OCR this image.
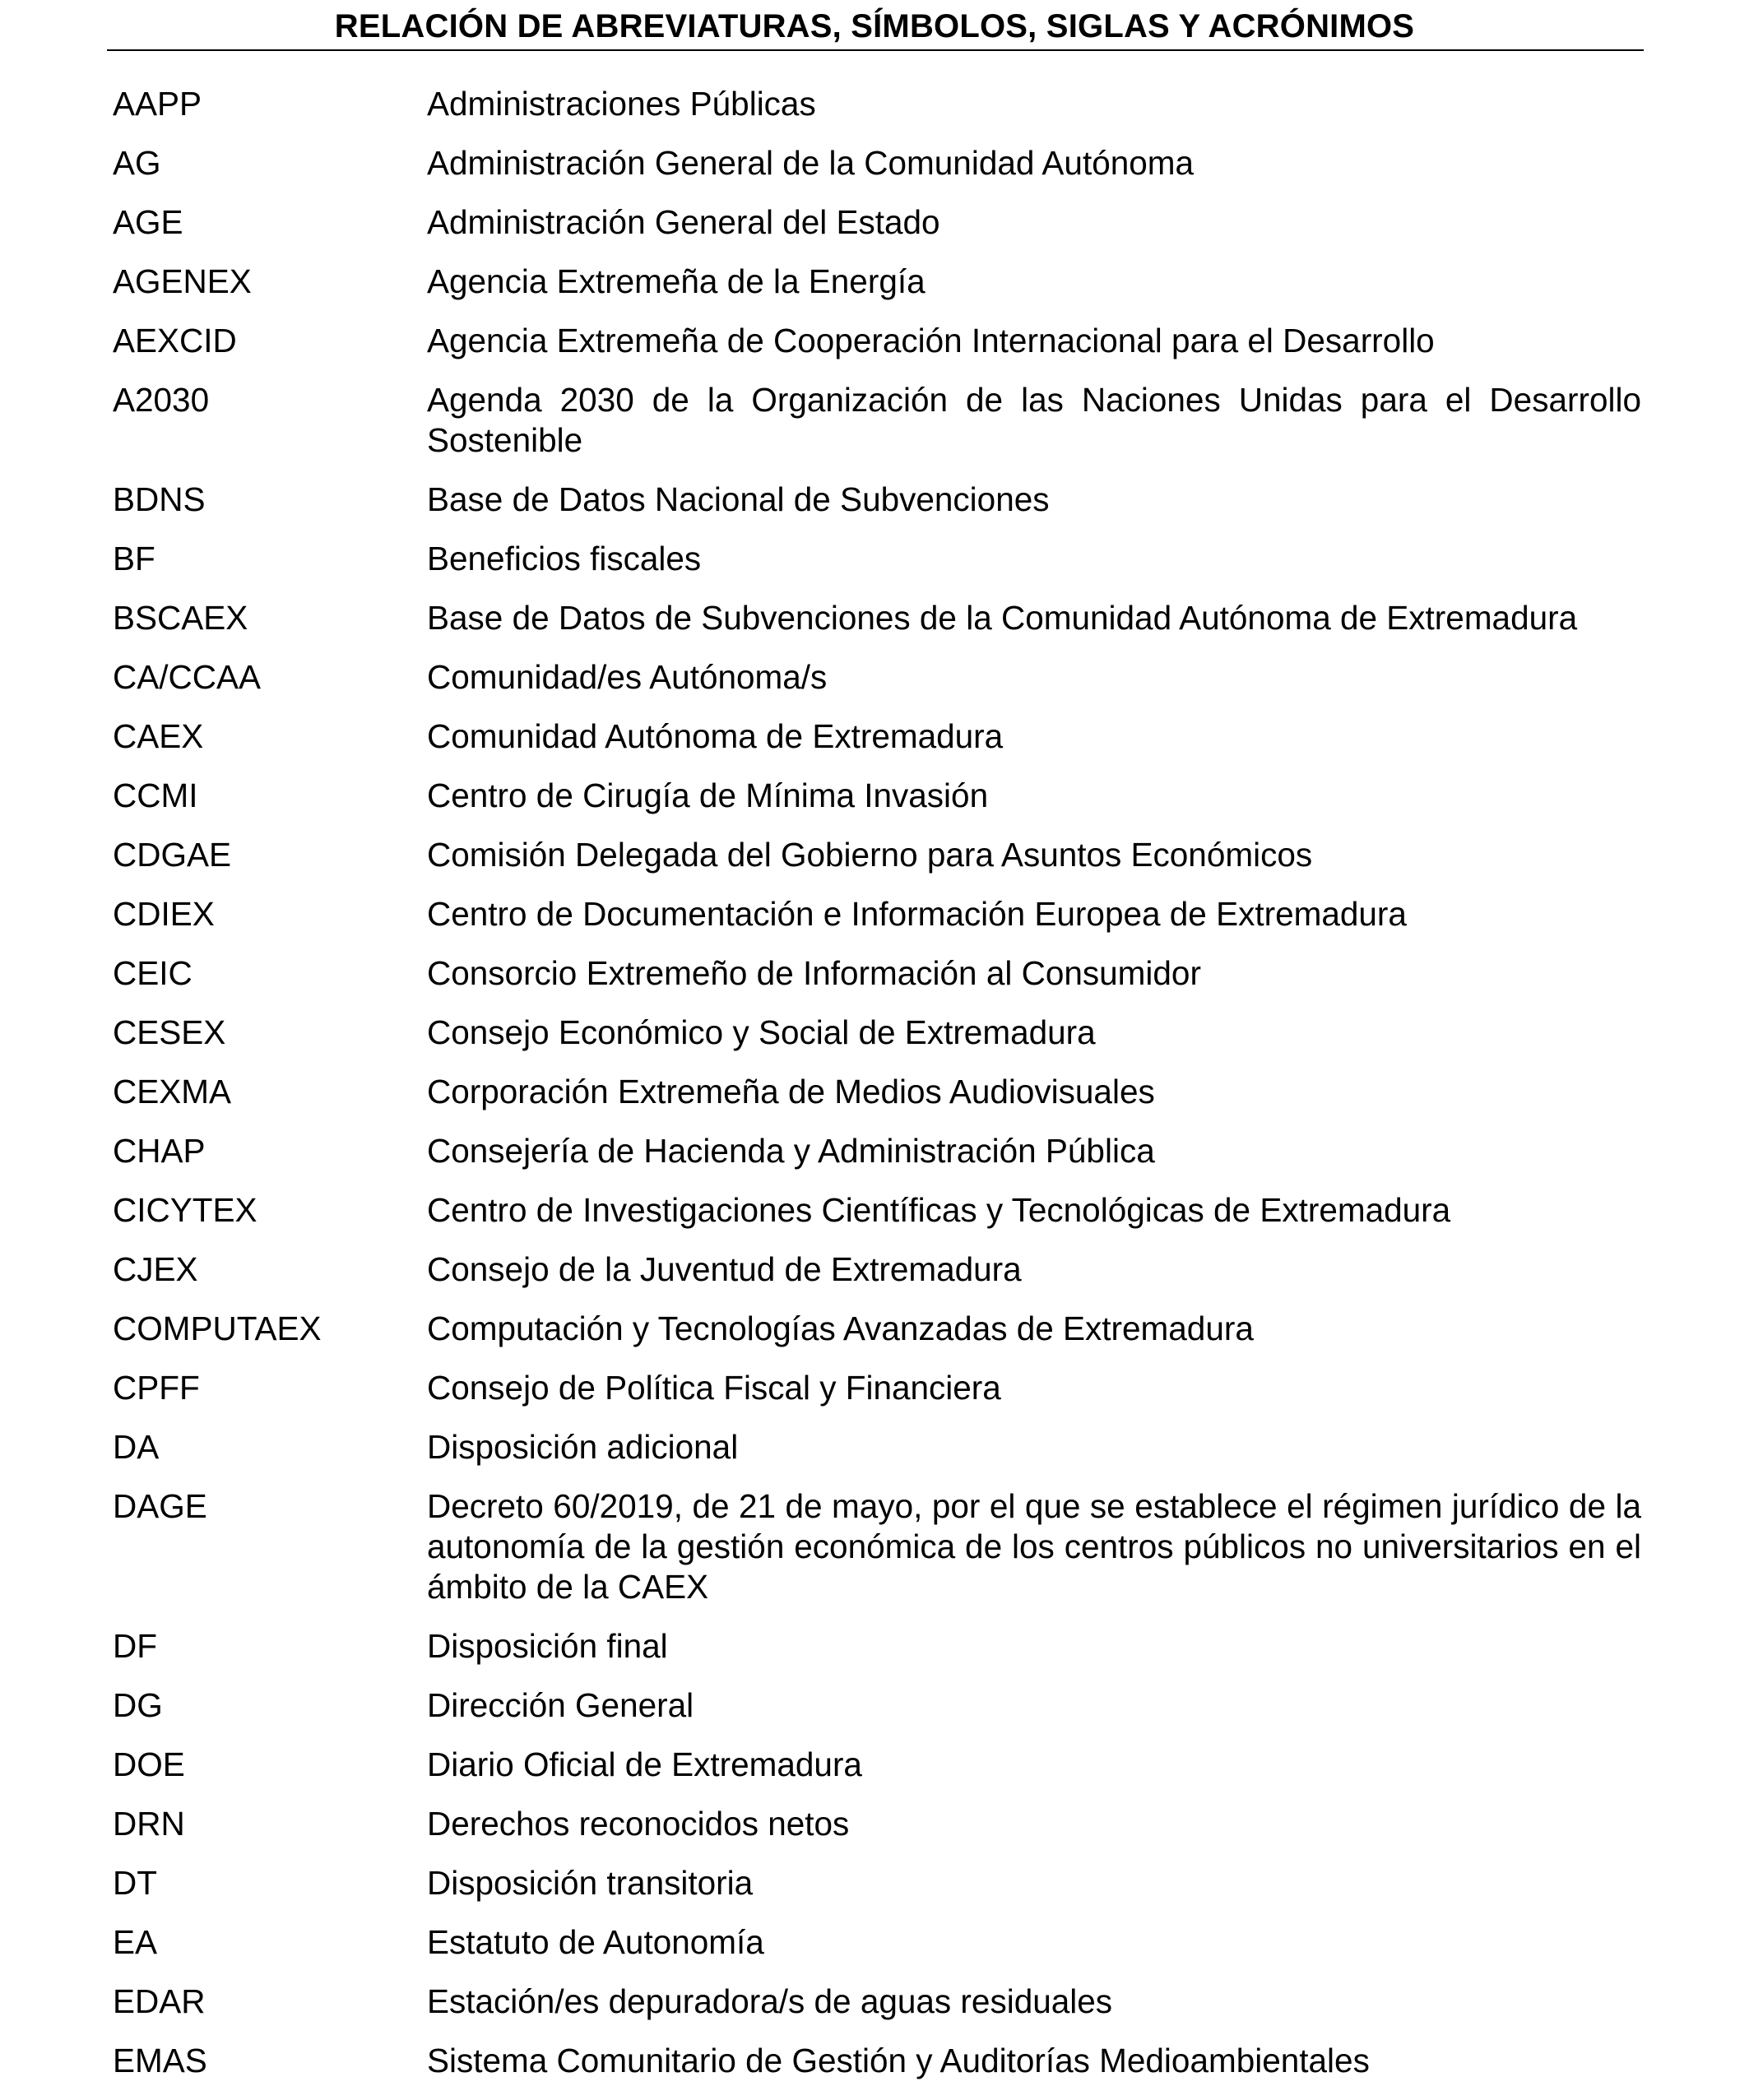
RELACIÓN DE ABREVIATURAS, SÍMBOLOS, SIGLAS Y ACRÓNIMOS
AAPP	Administraciones Públicas
AG	Administración General de la Comunidad Autónoma
AGE	Administración General del Estado
AGENEX	Agencia Extremeña de la Energía
AEXCID	Agencia Extremeña de Cooperación Internacional para el Desarrollo
A2030	Agenda 2030 de la Organización de las Naciones Unidas para el Desarrollo Sostenible
BDNS	Base de Datos Nacional de Subvenciones
BF	Beneficios fiscales
BSCAEX	Base de Datos de Subvenciones de la Comunidad Autónoma de Extremadura
CA/CCAA	Comunidad/es Autónoma/s
CAEX	Comunidad Autónoma de Extremadura
CCMI	Centro de Cirugía de Mínima Invasión
CDGAE	Comisión Delegada del Gobierno para Asuntos Económicos
CDIEX	Centro de Documentación e Información Europea de Extremadura
CEIC	Consorcio Extremeño de Información al Consumidor
CESEX	Consejo Económico y Social de Extremadura
CEXMA	Corporación Extremeña de Medios Audiovisuales
CHAP	Consejería de Hacienda y Administración Pública
CICYTEX	Centro de Investigaciones Científicas y Tecnológicas de Extremadura
CJEX	Consejo de la Juventud de Extremadura
COMPUTAEX	Computación y Tecnologías Avanzadas de Extremadura
CPFF	Consejo de Política Fiscal y Financiera
DA	Disposición adicional
DAGE	Decreto 60/2019, de 21 de mayo, por el que se establece el régimen jurídico de la autonomía de la gestión económica de los centros públicos no universitarios en el ámbito de la CAEX
DF	Disposición final
DG	Dirección General
DOE	Diario Oficial de Extremadura
DRN	Derechos reconocidos netos
DT	Disposición transitoria
EA	Estatuto de Autonomía
EDAR	Estación/es depuradora/s de aguas residuales
EMAS	Sistema Comunitario de Gestión y Auditorías Medioambientales
